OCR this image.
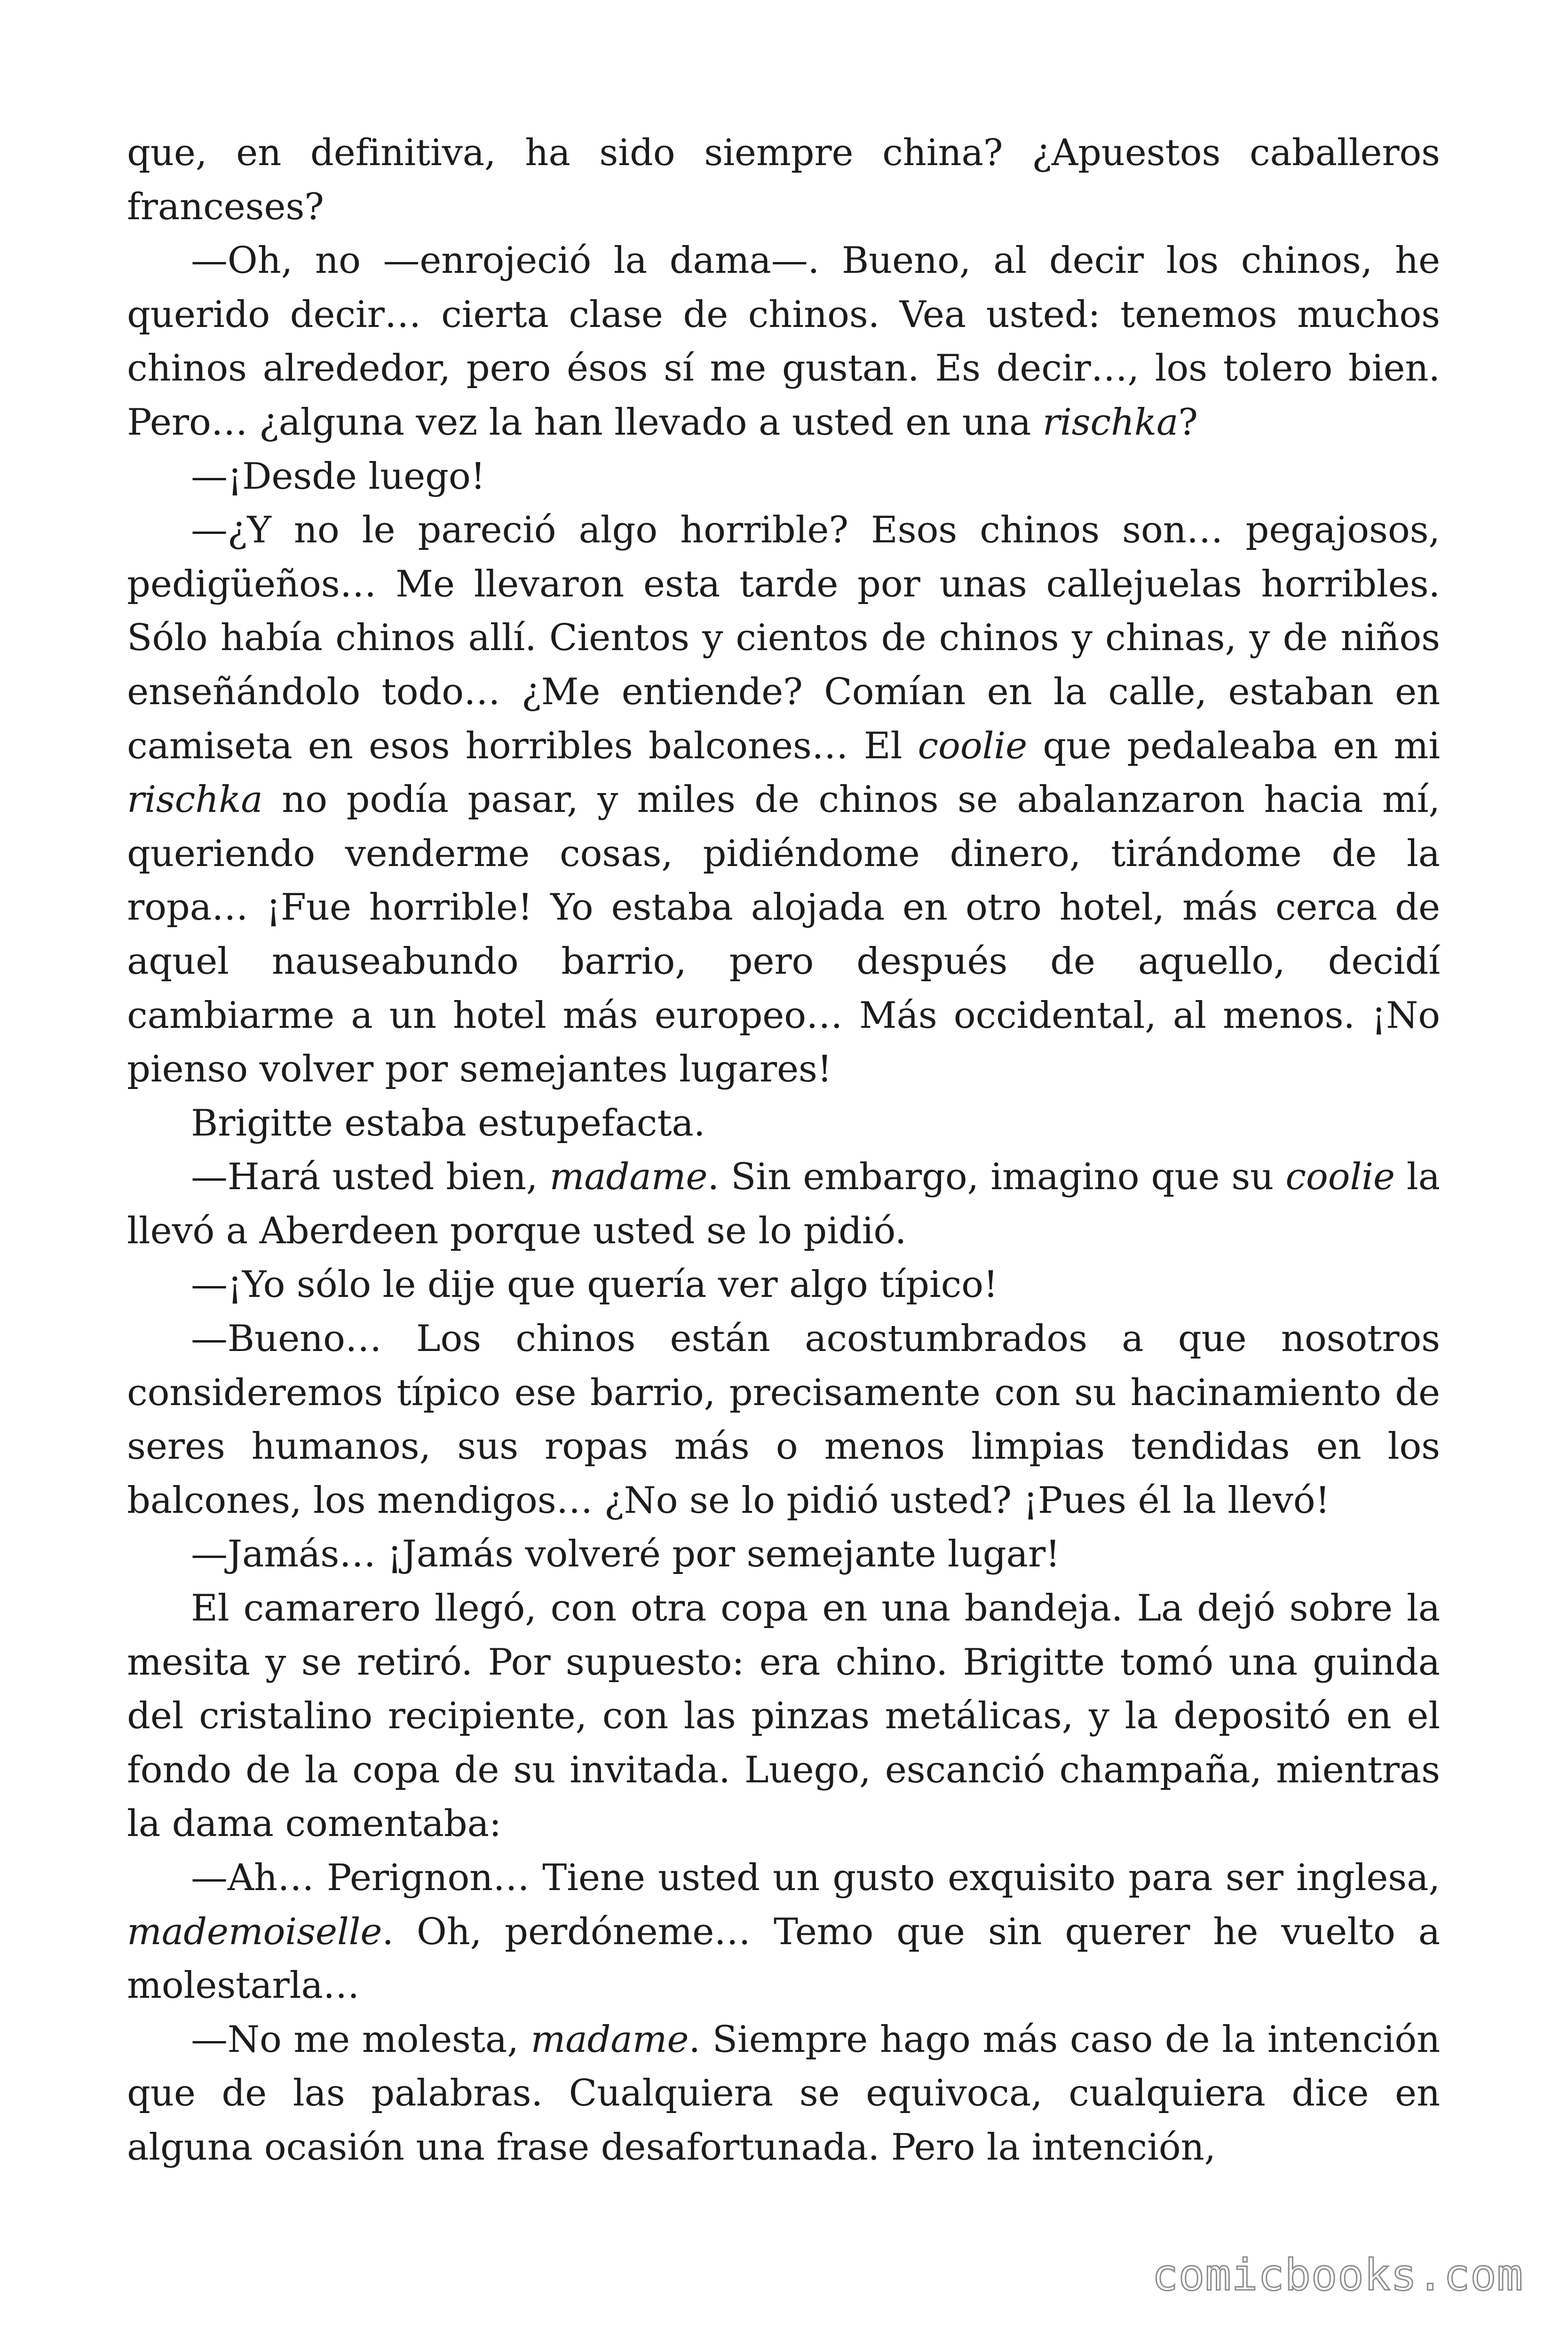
que, en definitiva, ha sido siempre china? ¿Apuestos caballeros franceses?

—Oh, no —enrojeció la dama—. Bueno, al decir los chinos, he querido decir… cierta clase de chinos. Vea usted: tenemos muchos chinos alrededor, pero ésos sí me gustan. Es decir…, los tolero bien. Pero… ¿alguna vez la han llevado a usted en una rischka?

—¡Desde luego!

—¿Y no le pareció algo horrible? Esos chinos son… pegajosos, pedigüeños… Me llevaron esta tarde por unas callejuelas horribles. Sólo había chinos allí. Cientos y cientos de chinos y chinas, y de niños enseñándolo todo… ¿Me entiende? Comían en la calle, estaban en camiseta en esos horribles balcones… El coolie que pedaleaba en mi rischka no podía pasar, y miles de chinos se abalanzaron hacia mí, queriendo venderme cosas, pidiéndome dinero, tirándome de la ropa… ¡Fue horrible! Yo estaba alojada en otro hotel, más cerca de aquel nauseabundo barrio, pero después de aquello, decidí cambiarme a un hotel más europeo… Más occidental, al menos. ¡No pienso volver por semejantes lugares!

Brigitte estaba estupefacta.

—Hará usted bien, madame. Sin embargo, imagino que su coolie la llevó a Aberdeen porque usted se lo pidió.

—¡Yo sólo le dije que quería ver algo típico!

—Bueno… Los chinos están acostumbrados a que nosotros consideremos típico ese barrio, precisamente con su hacinamiento de seres humanos, sus ropas más o menos limpias tendidas en los balcones, los mendigos… ¿No se lo pidió usted? ¡Pues él la llevó!

—Jamás… ¡Jamás volveré por semejante lugar!

El camarero llegó, con otra copa en una bandeja. La dejó sobre la mesita y se retiró. Por supuesto: era chino. Brigitte tomó una guinda del cristalino recipiente, con las pinzas metálicas, y la depositó en el fondo de la copa de su invitada. Luego, escanció champaña, mientras la dama comentaba:

—Ah… Perignon… Tiene usted un gusto exquisito para ser inglesa, mademoiselle. Oh, perdóneme… Temo que sin querer he vuelto a molestarla…

—No me molesta, madame. Siempre hago más caso de la intención que de las palabras. Cualquiera se equivoca, cualquiera dice en alguna ocasión una frase desafortunada. Pero la intención,

comicbooks.com
